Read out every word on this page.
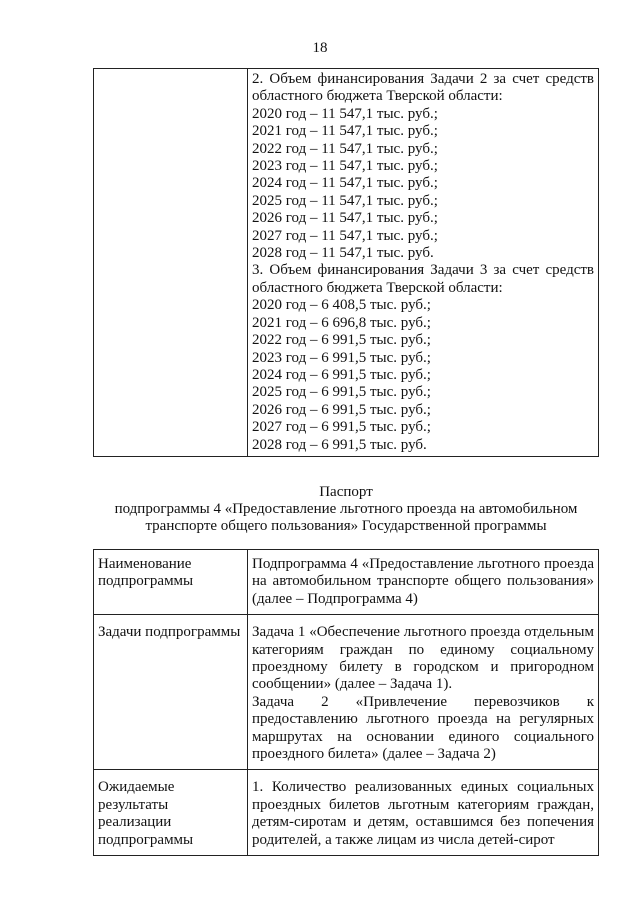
18

2. Объем финансирования Задачи 2 за счет средств областного бюджета Тверской области:
2020 год – 11 547,1 тыс. руб.;
2021 год – 11 547,1 тыс. руб.;
2022 год – 11 547,1 тыс. руб.;
2023 год – 11 547,1 тыс. руб.;
2024 год – 11 547,1 тыс. руб.;
2025 год – 11 547,1 тыс. руб.;
2026 год – 11 547,1 тыс. руб.;
2027 год – 11 547,1 тыс. руб.;
2028 год – 11 547,1 тыс. руб.
3. Объем финансирования Задачи 3 за счет средств областного бюджета Тверской области:
2020 год – 6 408,5 тыс. руб.;
2021 год – 6 696,8 тыс. руб.;
2022 год – 6 991,5 тыс. руб.;
2023 год – 6 991,5 тыс. руб.;
2024 год – 6 991,5 тыс. руб.;
2025 год – 6 991,5 тыс. руб.;
2026 год – 6 991,5 тыс. руб.;
2027 год – 6 991,5 тыс. руб.;
2028 год – 6 991,5 тыс. руб.
Паспорт
подпрограммы 4 «Предоставление льготного проезда на автомобильном
транспорте общего пользования» Государственной программы
Наименование подпрограммы	Подпрограмма 4 «Предоставление льготного проезда на автомобильном транспорте общего пользования» (далее – Подпрограмма 4)
Задачи подпрограммы	Задача 1 «Обеспечение льготного проезда отдельным категориям граждан по единому социальному проездному билету в городском и пригородном сообщении» (далее – Задача 1).
Задача 2 «Привлечение перевозчиков к предоставлению льготного проезда на регулярных маршрутах на основании единого социального проездного билета» (далее – Задача 2)

Ожидаемые результаты реализации подпрограммы	1. Количество реализованных единых социальных проездных билетов льготным категориям граждан, детям-сиротам и детям, оставшимся без попечения родителей, а также лицам из числа детей-сирот
